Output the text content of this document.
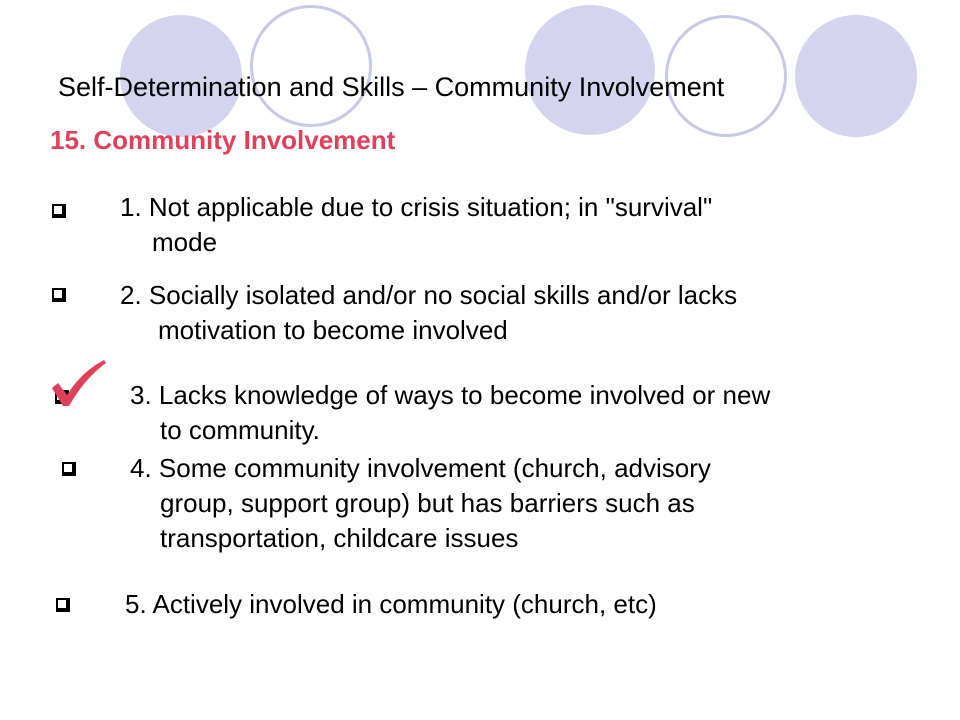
Self-Determination and Skills – Community Involvement
15. Community Involvement
1. Not applicable due to crisis situation; in "survival"
mode
2. Socially isolated and/or no social skills and/or lacks
motivation to become involved
3. Lacks knowledge of ways to become involved or new
to community.
4. Some community involvement (church, advisory
group, support group) but has barriers such as
transportation, childcare issues
5. Actively involved in community (church, etc)
